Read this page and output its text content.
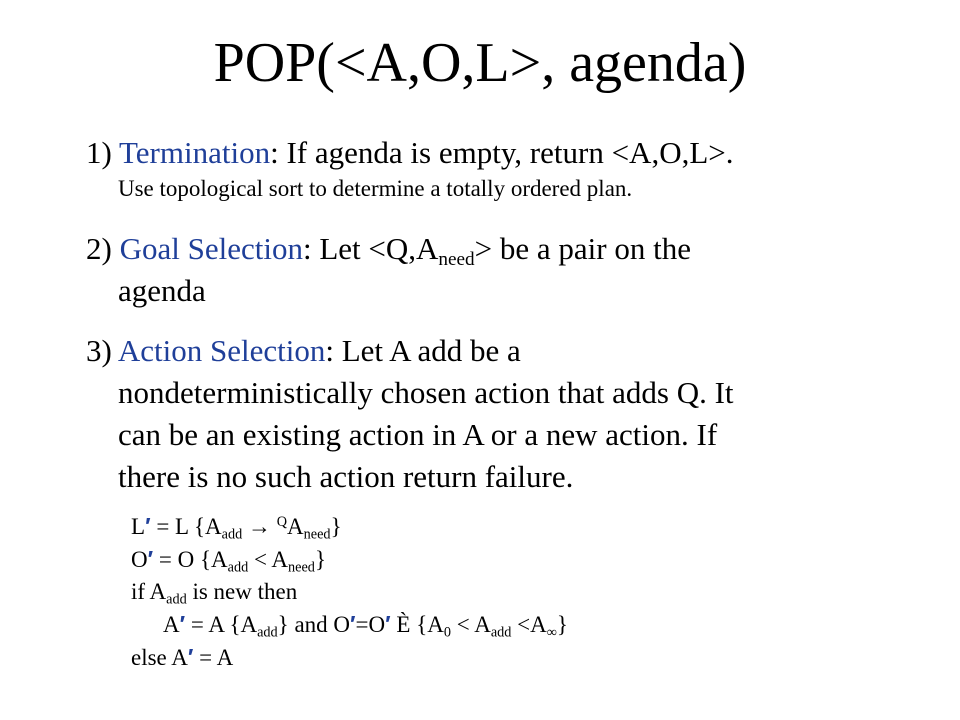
POP(<A,O,L>, agenda)
1) Termination: If agenda is empty, return <A,O,L>.
Use topological sort to determine a totally ordered plan.
2) Goal Selection: Let $<Q,A_{need}>$ be a pair on the
agenda
3) Action Selection: Let A add be a
nondeterministically chosen action that adds Q. It
can be an existing action in A or a new action. If
there is no such action return failure.
L′ = L $\{A_{add} \to ^QA_{need}\}$
O′ = O $\{A_{add} < A_{need}\}$
if $A_{add}$ is new then
A′ = A $\{A_{add}\}$ and O′=O′ È $\{A_0 < A_{add} <A_\infty\}$
else A′ = A
